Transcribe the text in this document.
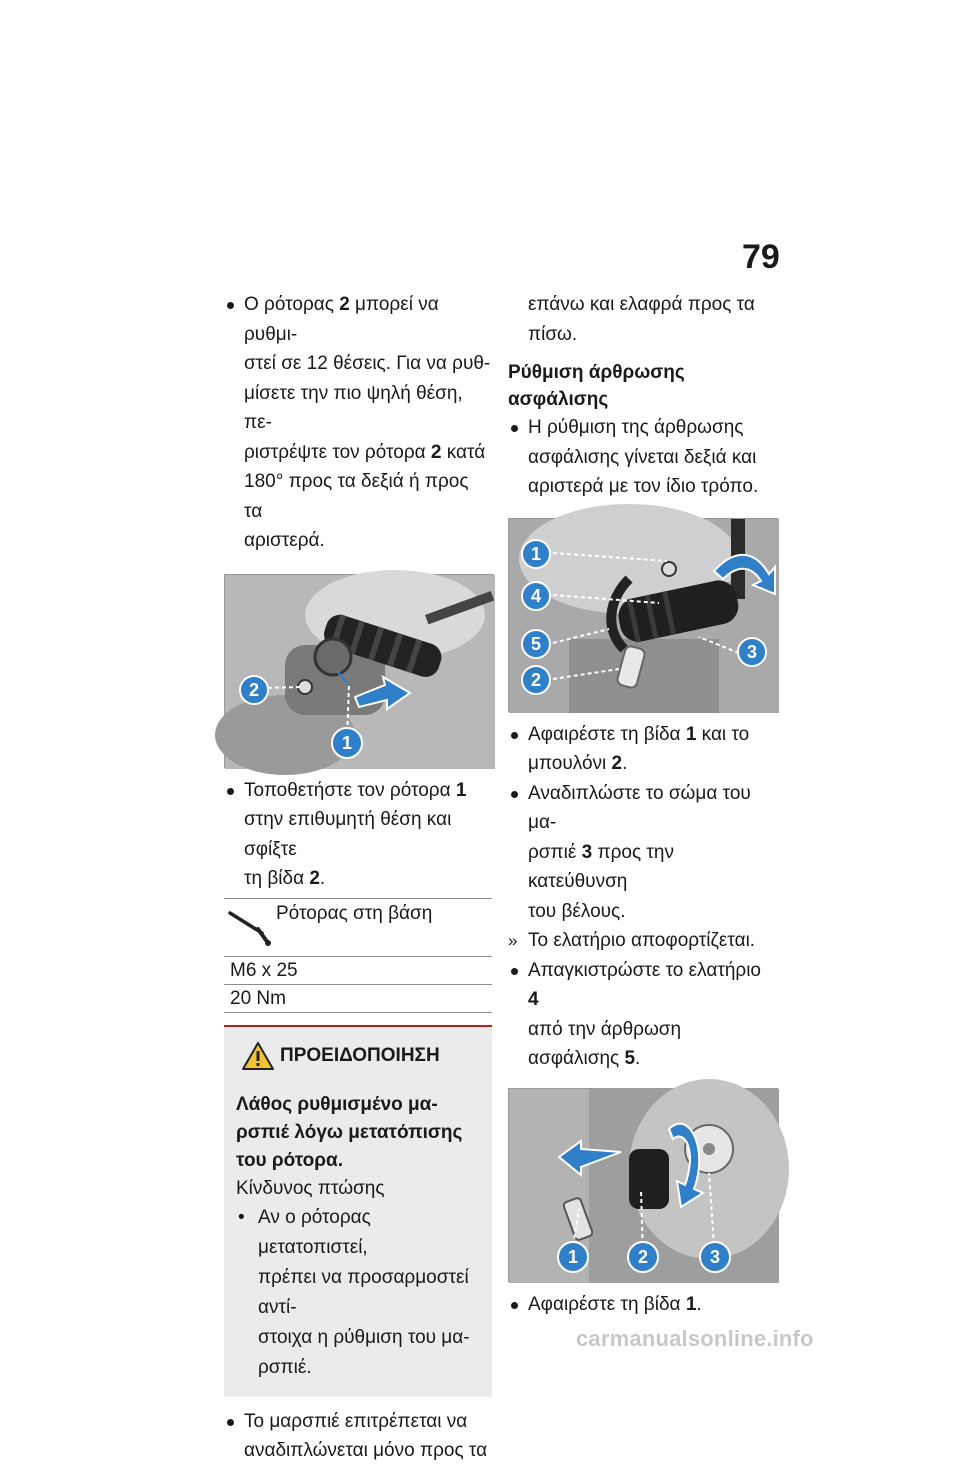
79
Ο ρότορας 2 μπορεί να ρυθμι-
στεί σε 12 θέσεις. Για να ρυθ-
μίσετε την πιο ψηλή θέση, πε-
ριστρέψτε τον ρότορα 2 κατά
180° προς τα δεξιά ή προς τα
αριστερά.
2
1
Τοποθετήστε τον ρότορα 1
στην επιθυμητή θέση και σφίξτε
τη βίδα 2.
Ρότορας στη βάση
M6 x 25
20 Nm
ΠΡΟΕΙΔΟΠΟΙΗΣΗ
Λάθος ρυθμισμένο μα-
ρσπιέ λόγω μετατόπισης
του ρότορα.
Κίνδυνος πτώσης
• Αν ο ρότορας μετατοπιστεί,
πρέπει να προσαρμοστεί αντί-
στοιχα η ρύθμιση του μα-
ρσπιέ.
Το μαρσπιέ επιτρέπεται να
αναδιπλώνεται μόνο προς τα
επάνω και ελαφρά προς τα
πίσω.
Ρύθμιση άρθρωσης
ασφάλισης
Η ρύθμιση της άρθρωσης
ασφάλισης γίνεται δεξιά και
αριστερά με τον ίδιο τρόπο.
1
4
5
2
3
Αφαιρέστε τη βίδα 1 και το
μπουλόνι 2.
Αναδιπλώστε το σώμα του μα-
ρσπιέ 3 προς την κατεύθυνση
του βέλους.
» Το ελατήριο αποφορτίζεται.
Απαγκιστρώστε το ελατήριο 4
από την άρθρωση ασφάλισης 5.
1	2	3
Αφαιρέστε τη βίδα 1.
carmanualsonline.info
